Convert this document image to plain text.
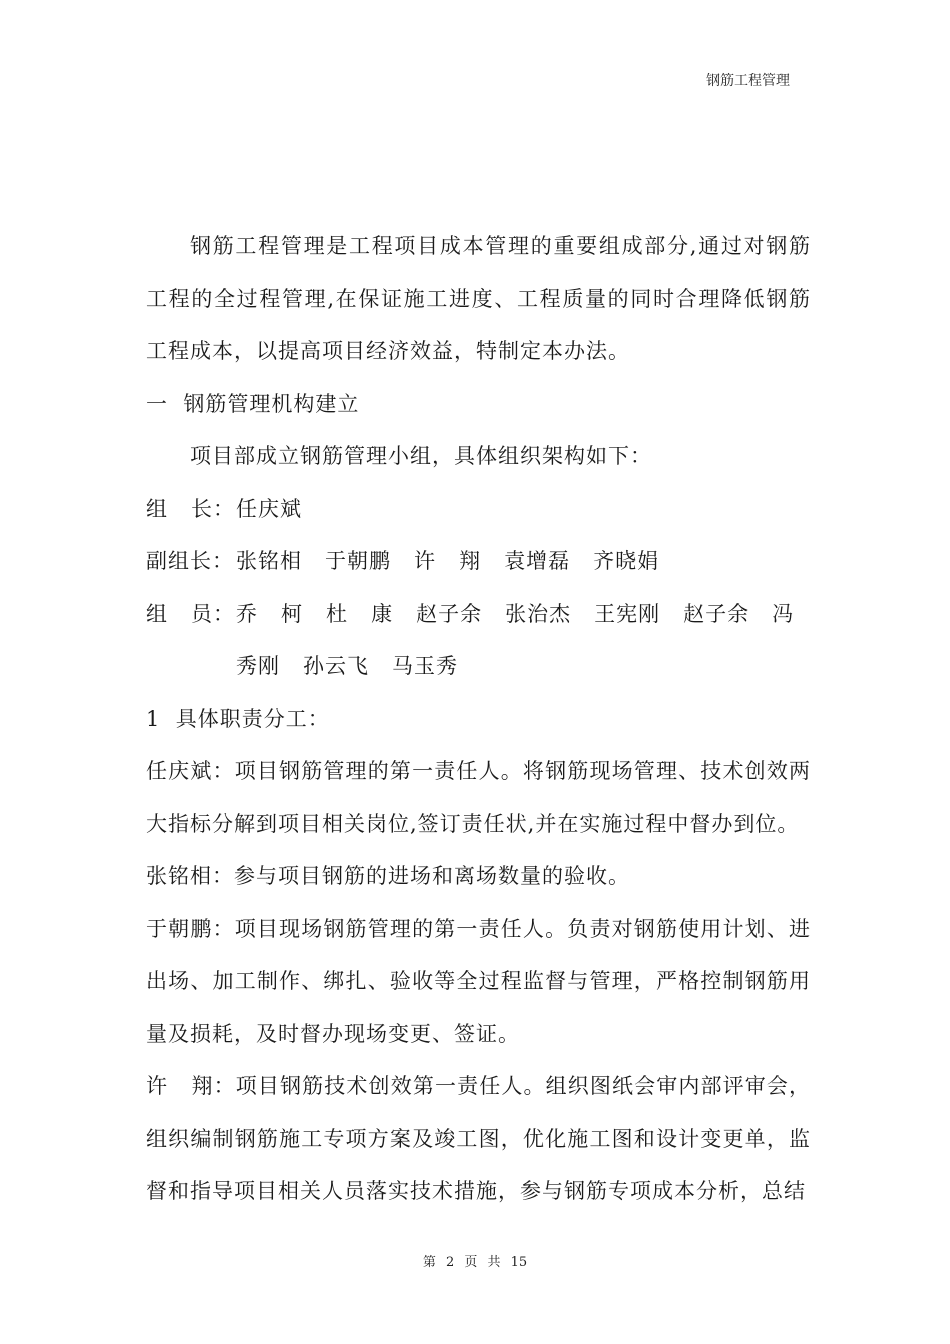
钢筋工程管理

钢筋工程管理是工程项目成本管理的重要组成部分,通过对钢筋工程的全过程管理,在保证施工进度、工程质量的同时合理降低钢筋工程成本，以提高项目经济效益，特制定本办法。

一  钢筋管理机构建立

项目部成立钢筋管理小组，具体组织架构如下：

组   长： 任庆斌
副组长： 张铭相   于朝鹏   许   翔   袁增磊   齐晓娟
组   员： 乔   柯   杜   康   赵子余   张治杰   王宪刚   赵子余   冯
秀刚   孙云飞   马玉秀

1  具体职责分工：

任庆斌：项目钢筋管理的第一责任人。将钢筋现场管理、技术创效两大指标分解到项目相关岗位,签订责任状,并在实施过程中督办到位。

张铭相：参与项目钢筋的进场和离场数量的验收。

于朝鹏：项目现场钢筋管理的第一责任人。负责对钢筋使用计划、进出场、加工制作、绑扎、验收等全过程监督与管理，严格控制钢筋用量及损耗，及时督办现场变更、签证。

许   翔：项目钢筋技术创效第一责任人。组织图纸会审内部评审会，组织编制钢筋施工专项方案及竣工图，优化施工图和设计变更单，监督和指导项目相关人员落实技术措施，参与钢筋专项成本分析，总结

第 2 页 共 15
